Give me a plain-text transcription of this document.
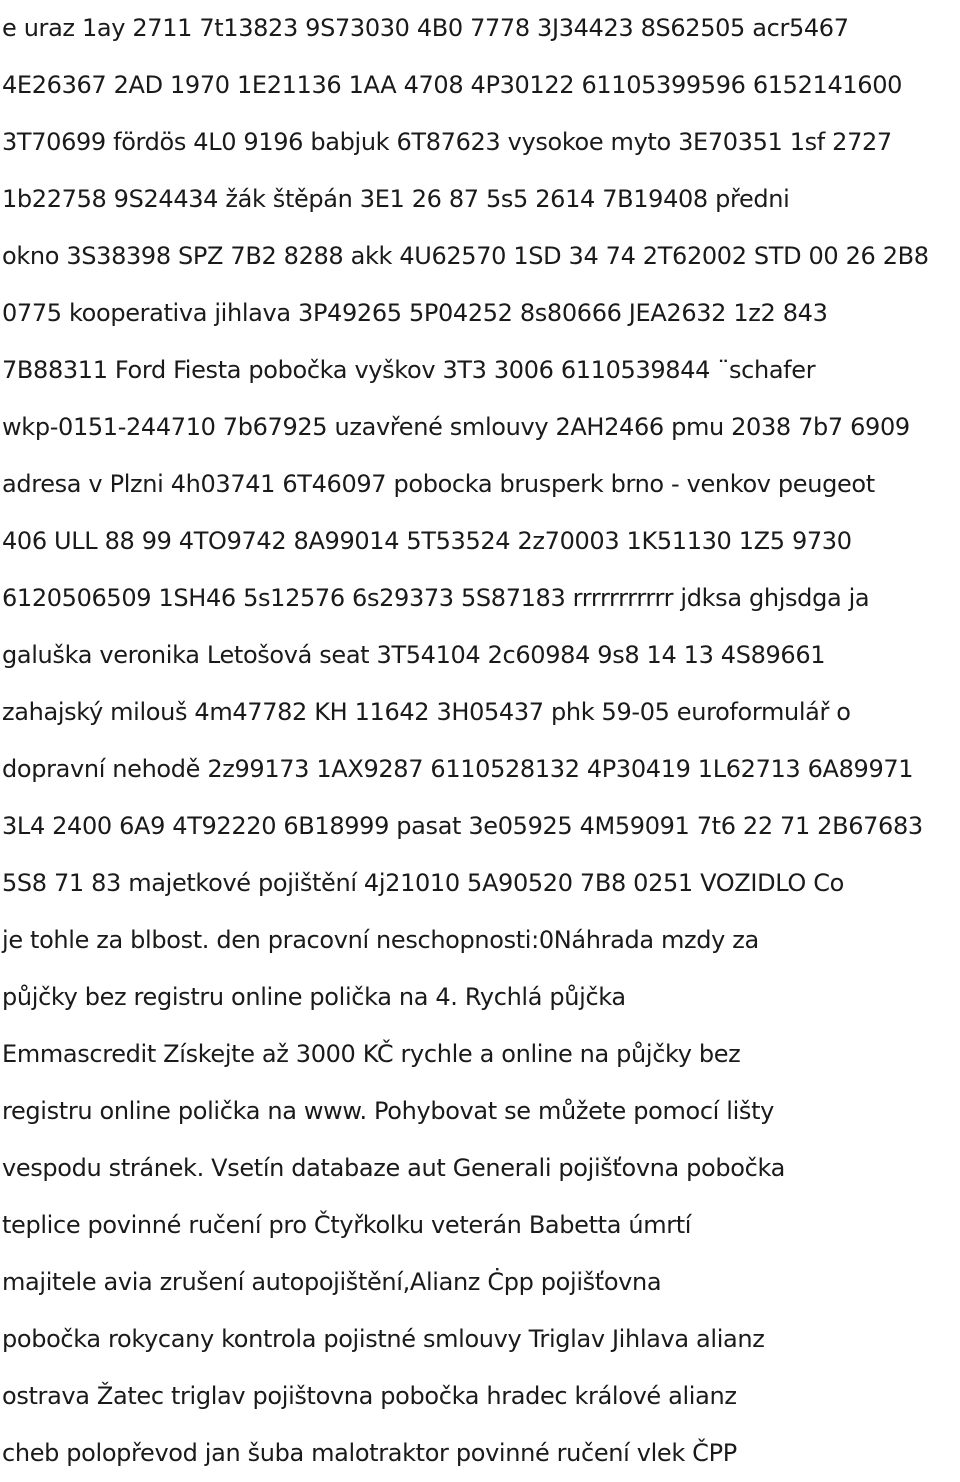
e uraz 1ay 2711 7t13823 9S73030 4B0 7778 3J34423 8S62505 acr5467
4E26367 2AD 1970 1E21136 1AA 4708 4P30122 61105399596 6152141600
3T70699 fördös 4L0 9196 babjuk 6T87623 vysokoe myto 3E70351 1sf 2727
1b22758 9S24434 žák štěpán 3E1 26 87 5s5 2614 7B19408 předni
okno 3S38398 SPZ 7B2 8288 akk 4U62570 1SD 34 74 2T62002 STD 00 26 2B8
0775 kooperativa jihlava 3P49265 5P04252 8s80666 JEA2632 1z2 843
7B88311 Ford Fiesta pobočka vyškov 3T3 3006 6110539844 ¨schafer
wkp-0151-244710 7b67925 uzavřené smlouvy 2AH2466 pmu 2038 7b7 6909
adresa v Plzni 4h03741 6T46097 pobocka brusperk brno - venkov peugeot
406 ULL 88 99 4TO9742 8A99014 5T53524 2z70003 1K51130 1Z5 9730
6120506509 1SH46 5s12576 6s29373 5S87183 rrrrrrrrrrr jdksa ghjsdga ja
galuška veronika Letošová seat 3T54104 2c60984 9s8 14 13 4S89661
zahajský milouš 4m47782 KH 11642 3H05437 phk 59-05 euroformulář o
dopravní nehodě 2z99173 1AX9287 6110528132 4P30419 1L62713 6A89971
3L4 2400 6A9 4T92220 6B18999 pasat 3e05925 4M59091 7t6 22 71 2B67683
5S8 71 83 majetkové pojištění 4j21010 5A90520 7B8 0251 VOZIDLO Co
je tohle za blbost. den pracovní neschopnosti:0Náhrada mzdy za
půjčky bez registru online polička na 4. Rychlá půjčka
Emmascredit Získejte až 3000 KČ rychle a online na půjčky bez
registru online polička na www. Pohybovat se můžete pomocí lišty
vespodu stránek. Vsetín databaze aut Generali pojišťovna pobočka
teplice povinné ručení pro Čtyřkolku veterán Babetta úmrtí
majitele avia zrušení autopojištění,Alianz Ċpp pojišťovna
pobočka rokycany kontrola pojistné smlouvy Triglav Jihlava alianz
ostrava Žatec triglav pojištovna pobočka hradec králové alianz
cheb polopřevod jan šuba malotraktor povinné ručení vlek ČPP
